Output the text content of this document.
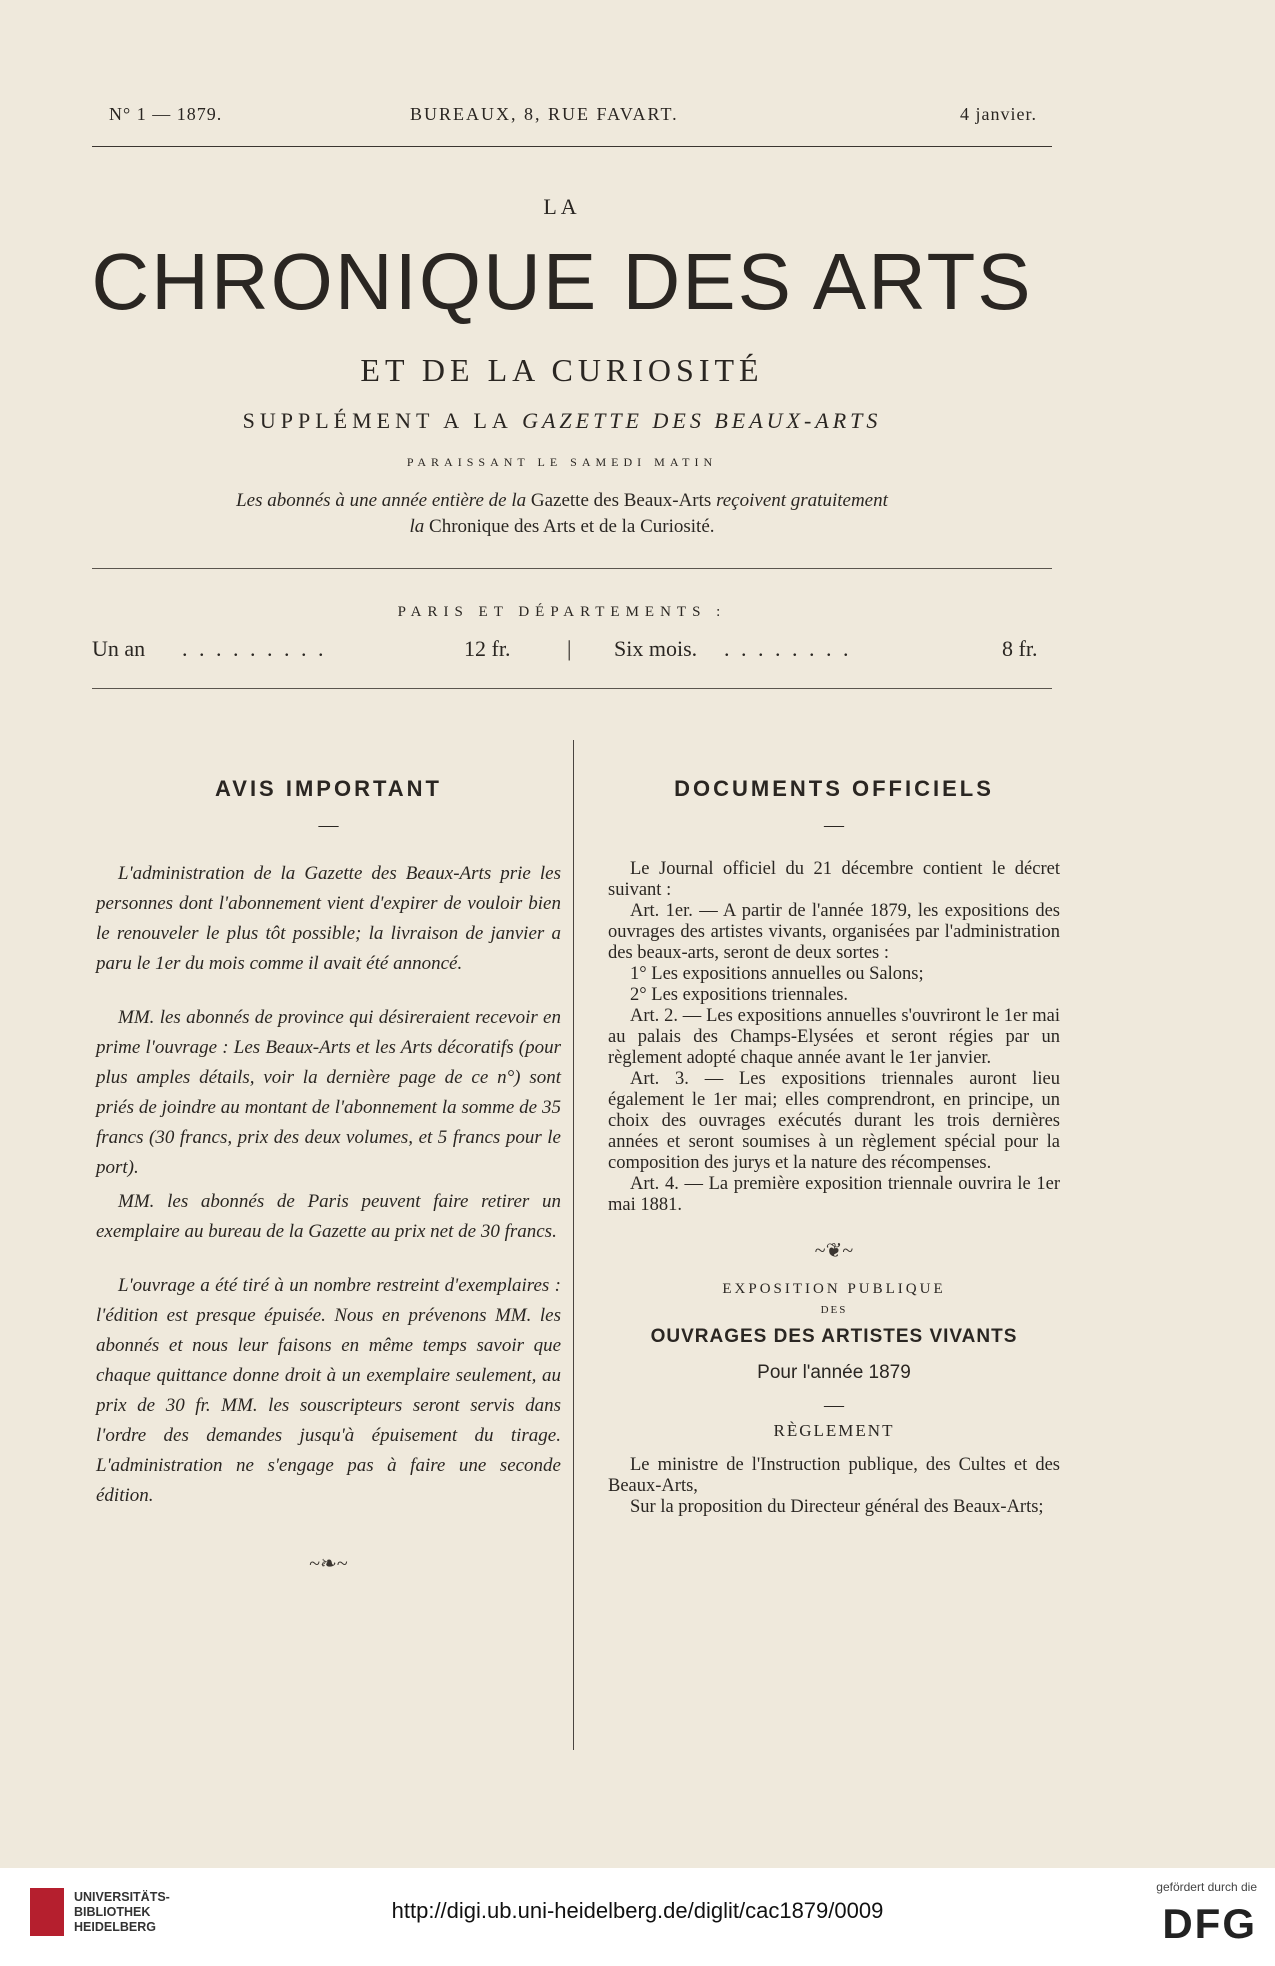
N° 1 — 1879.	BUREAUX, 8, RUE FAVART.	4 janvier.
LA
CHRONIQUE DES ARTS
ET DE LA CURIOSITÉ
SUPPLÉMENT A LA GAZETTE DES BEAUX-ARTS
PARAISSANT LE SAMEDI MATIN
Les abonnés à une année entière de la Gazette des Beaux-Arts reçoivent gratuitement
la Chronique des Arts et de la Curiosité.
PARIS ET DÉPARTEMENTS :
Un an . . . . . . . . .	12 fr.	| Six mois. . . . . . . . .	8 fr.
AVIS IMPORTANT
—

L'administration de la Gazette des Beaux-Arts prie les personnes dont l'abonnement vient d'expirer de vouloir bien le renouveler le plus tôt possible; la livraison de janvier a paru le 1er du mois comme il avait été annoncé.

MM. les abonnés de province qui désireraient recevoir en prime l'ouvrage : Les Beaux-Arts et les Arts décoratifs (pour plus amples détails, voir la dernière page de ce n°) sont priés de joindre au montant de l'abonnement la somme de 35 francs (30 francs, prix des deux volumes, et 5 francs pour le port).

MM. les abonnés de Paris peuvent faire retirer un exemplaire au bureau de la Gazette au prix net de 30 francs.

L'ouvrage a été tiré à un nombre restreint d'exemplaires : l'édition est presque épuisée. Nous en prévenons MM. les abonnés et nous leur faisons en même temps savoir que chaque quittance donne droit à un exemplaire seulement, au prix de 30 fr. MM. les souscripteurs seront servis dans l'ordre des demandes jusqu'à épuisement du tirage. L'administration ne s'engage pas à faire une seconde édition.

~❧~
DOCUMENTS OFFICIELS
—

Le Journal officiel du 21 décembre contient le décret suivant :

Art. 1er. — A partir de l'année 1879, les expositions des ouvrages des artistes vivants, organisées par l'administration des beaux-arts, seront de deux sortes :

1° Les expositions annuelles ou Salons;

2° Les expositions triennales.

Art. 2. — Les expositions annuelles s'ouvriront le 1er mai au palais des Champs-Elysées et seront régies par un règlement adopté chaque année avant le 1er janvier.

Art. 3. — Les expositions triennales auront lieu également le 1er mai; elles comprendront, en principe, un choix des ouvrages exécutés durant les trois dernières années et seront soumises à un règlement spécial pour la composition des jurys et la nature des récompenses.

Art. 4. — La première exposition triennale ouvrira le 1er mai 1881.

~❦~
EXPOSITION PUBLIQUE
DES
OUVRAGES DES ARTISTES VIVANTS
Pour l'année 1879
—
RÈGLEMENT

Le ministre de l'Instruction publique, des Cultes et des Beaux-Arts,

Sur la proposition du Directeur général des Beaux-Arts;

UNIVERSITÄTS-
BIBLIOTHEK
HEIDELBERG
http://digi.ub.uni-heidelberg.de/diglit/cac1879/0009
gefördert durch die
DFG
